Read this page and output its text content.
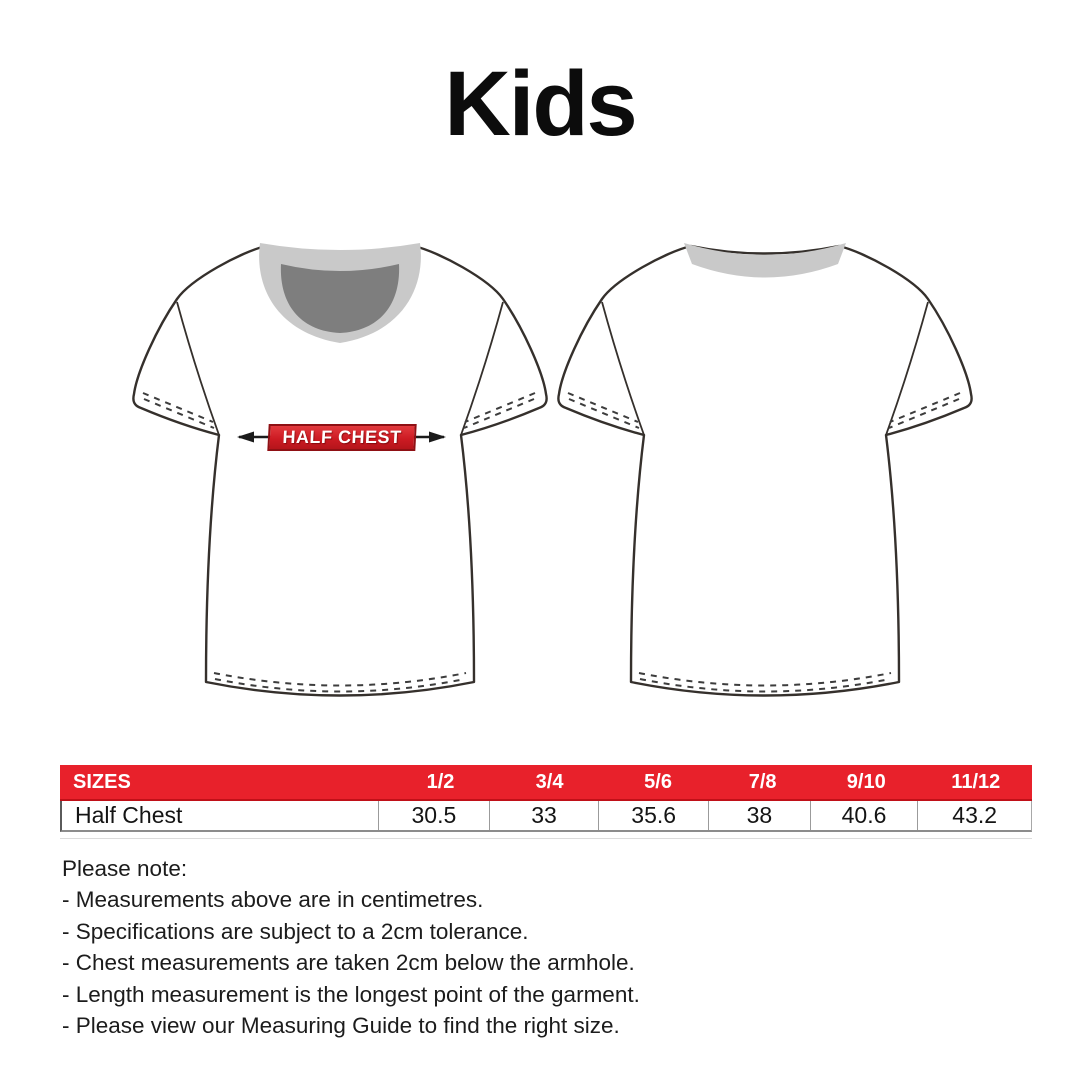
Kids
HALF CHEST
SIZES	1/2	3/4	5/6	7/8	9/10	11/12
Half Chest	30.5	33	35.6	38	40.6	43.2
Please note:
- Measurements above are in centimetres.
- Specifications are subject to a 2cm tolerance.
- Chest measurements are taken 2cm below the armhole.
- Length measurement is the longest point of the garment.
- Please view our Measuring Guide to find the right size.
